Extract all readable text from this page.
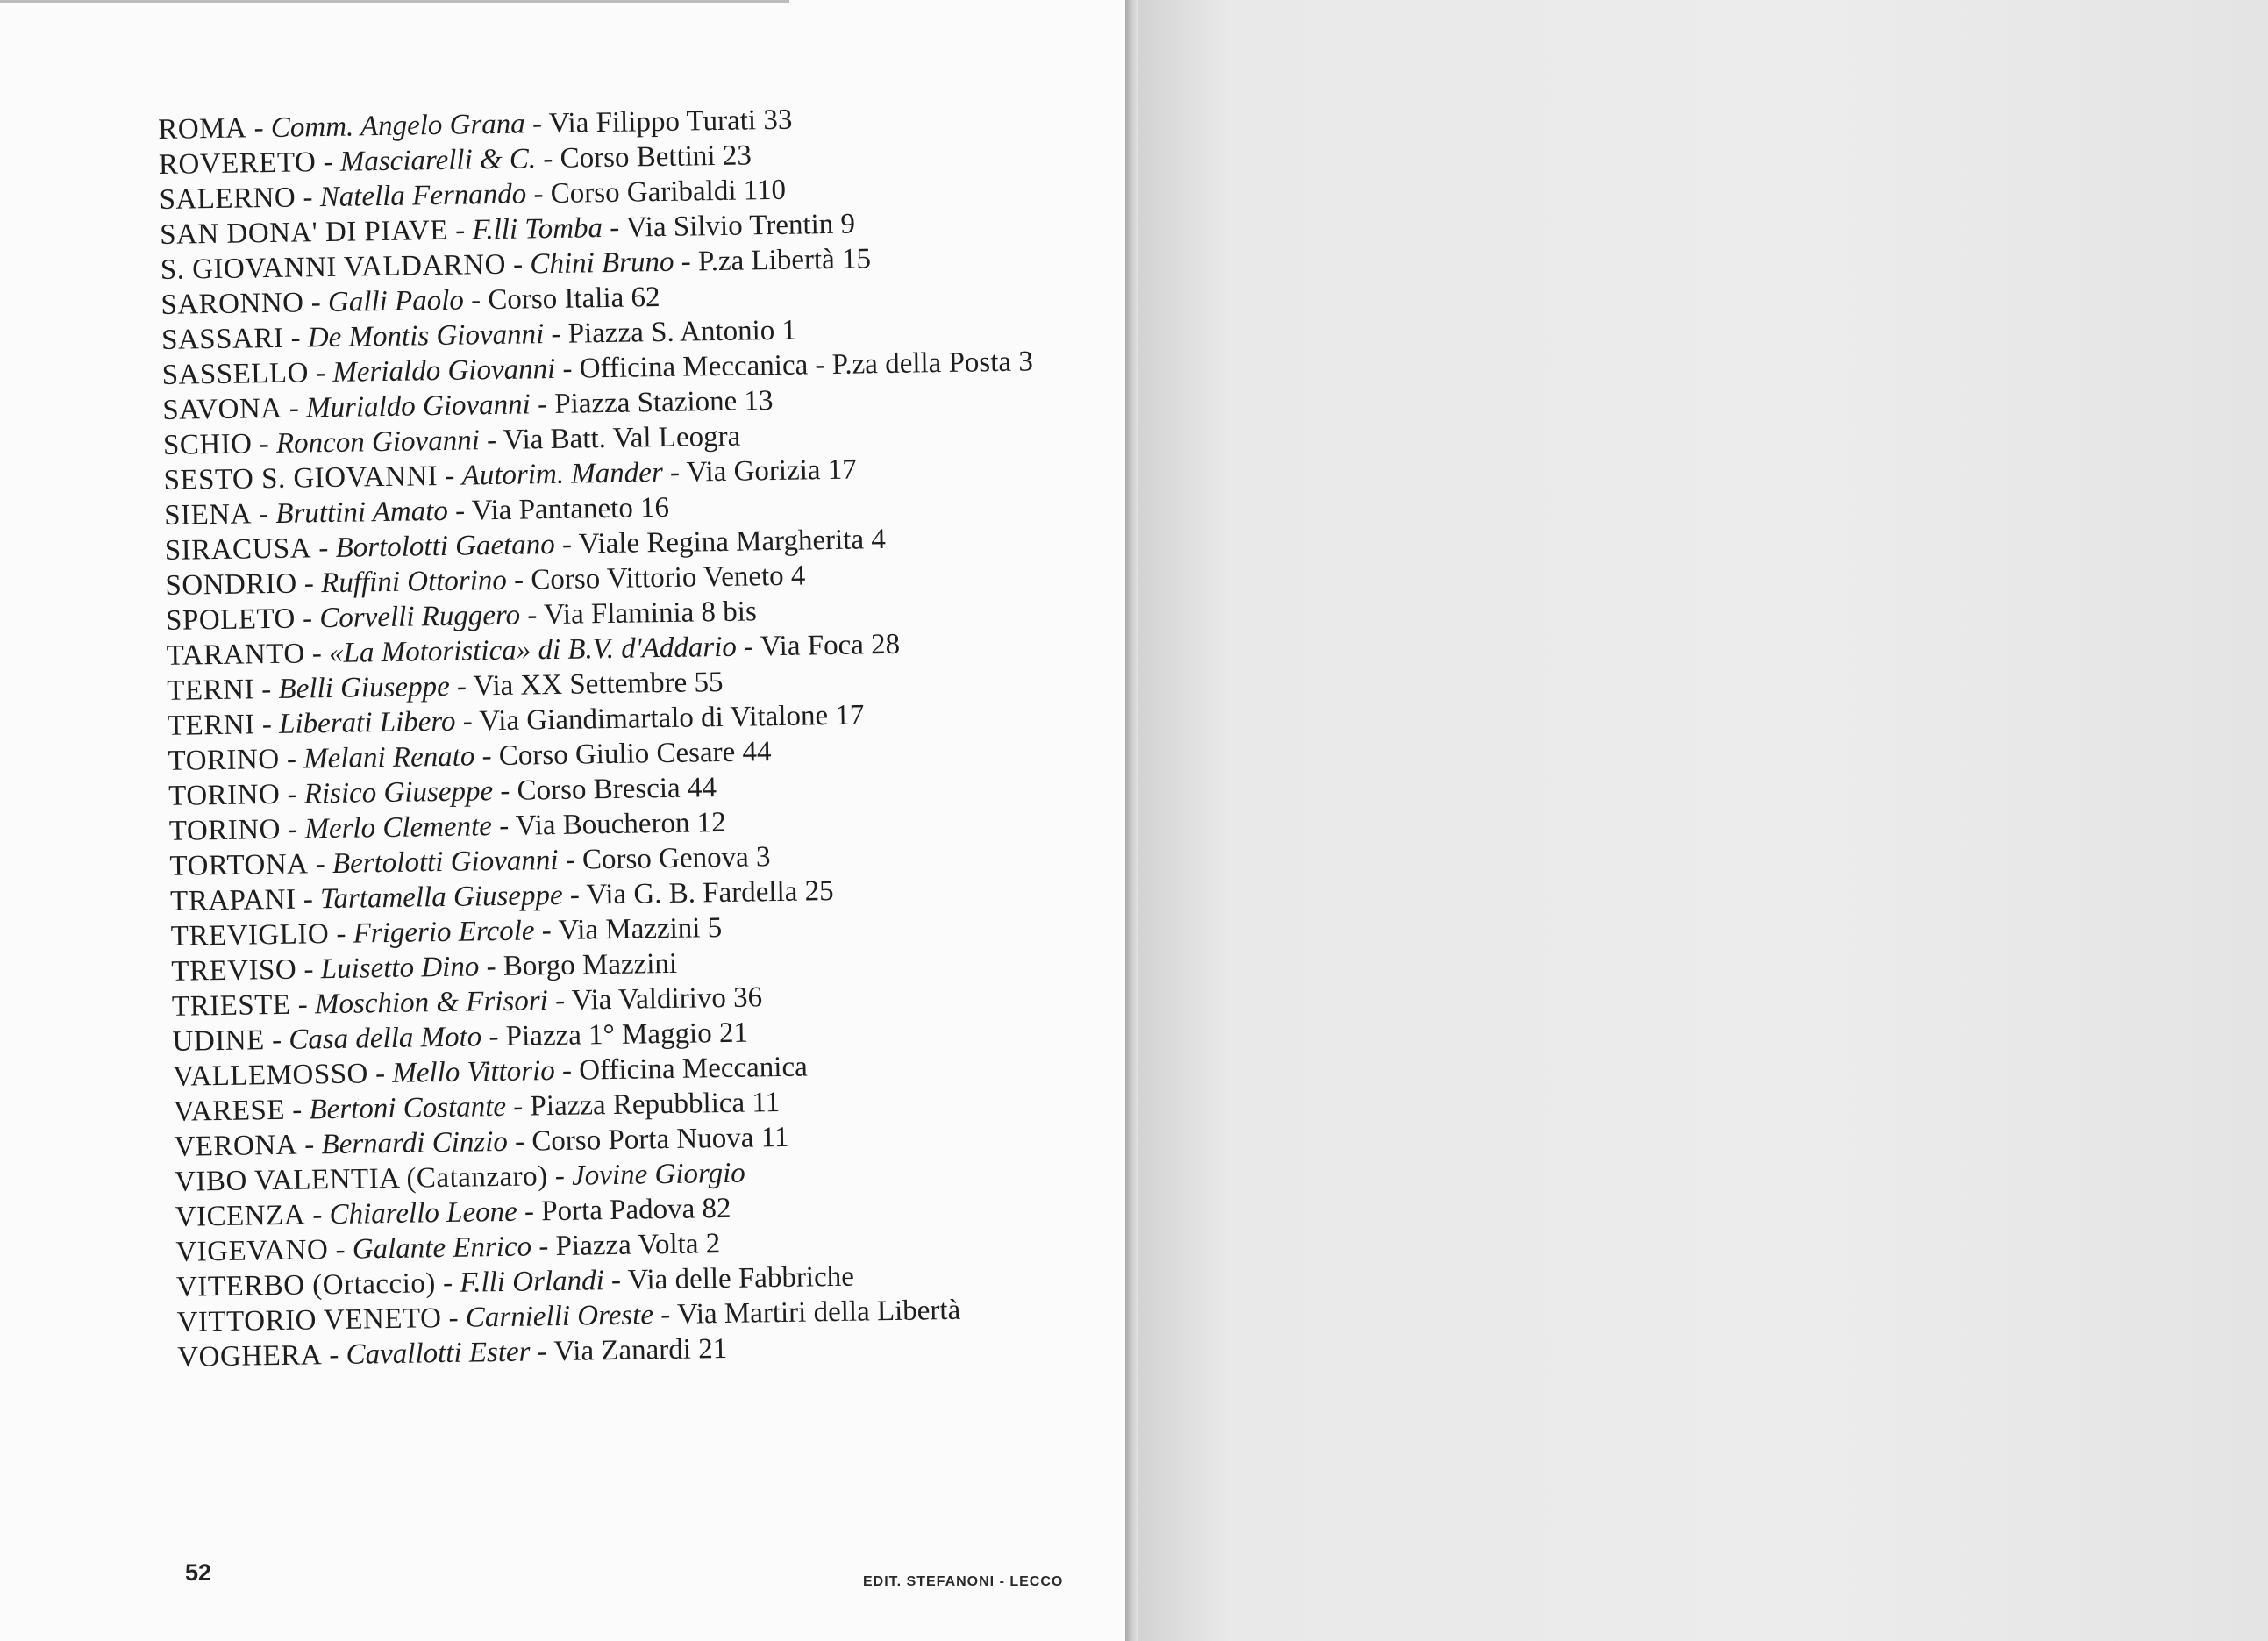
ROMA - Comm. Angelo Grana - Via Filippo Turati 33

ROVERETO - Masciarelli & C. - Corso Bettini 23

SALERNO - Natella Fernando - Corso Garibaldi 110

SAN DONA' DI PIAVE - F.lli Tomba - Via Silvio Trentin 9

S. GIOVANNI VALDARNO - Chini Bruno - P.za Libertà 15

SARONNO - Galli Paolo - Corso Italia 62

SASSARI - De Montis Giovanni - Piazza S. Antonio 1

SASSELLO - Merialdo Giovanni - Officina Meccanica - P.za della Posta 3

SAVONA - Murialdo Giovanni - Piazza Stazione 13

SCHIO - Roncon Giovanni - Via Batt. Val Leogra

SESTO S. GIOVANNI - Autorim. Mander - Via Gorizia 17

SIENA - Bruttini Amato - Via Pantaneto 16

SIRACUSA - Bortolotti Gaetano - Viale Regina Margherita 4

SONDRIO - Ruffini Ottorino - Corso Vittorio Veneto 4

SPOLETO - Corvelli Ruggero - Via Flaminia 8 bis

TARANTO - «La Motoristica» di B.V. d'Addario - Via Foca 28

TERNI - Belli Giuseppe - Via XX Settembre 55

TERNI - Liberati Libero - Via Giandimartalo di Vitalone 17

TORINO - Melani Renato - Corso Giulio Cesare 44

TORINO - Risico Giuseppe - Corso Brescia 44

TORINO - Merlo Clemente - Via Boucheron 12

TORTONA - Bertolotti Giovanni - Corso Genova 3

TRAPANI - Tartamella Giuseppe - Via G. B. Fardella 25

TREVIGLIO - Frigerio Ercole - Via Mazzini 5

TREVISO - Luisetto Dino - Borgo Mazzini

TRIESTE - Moschion & Frisori - Via Valdirivo 36

UDINE - Casa della Moto - Piazza 1° Maggio 21

VALLEMOSSO - Mello Vittorio - Officina Meccanica

VARESE - Bertoni Costante - Piazza Repubblica 11

VERONA - Bernardi Cinzio - Corso Porta Nuova 11

VIBO VALENTIA (Catanzaro) - Jovine Giorgio

VICENZA - Chiarello Leone - Porta Padova 82

VIGEVANO - Galante Enrico - Piazza Volta 2

VITERBO (Ortaccio) - F.lli Orlandi - Via delle Fabbriche

VITTORIO VENETO - Carnielli Oreste - Via Martiri della Libertà

VOGHERA - Cavallotti Ester - Via Zanardi 21

52	EDIT. STEFANONI - LECCO
